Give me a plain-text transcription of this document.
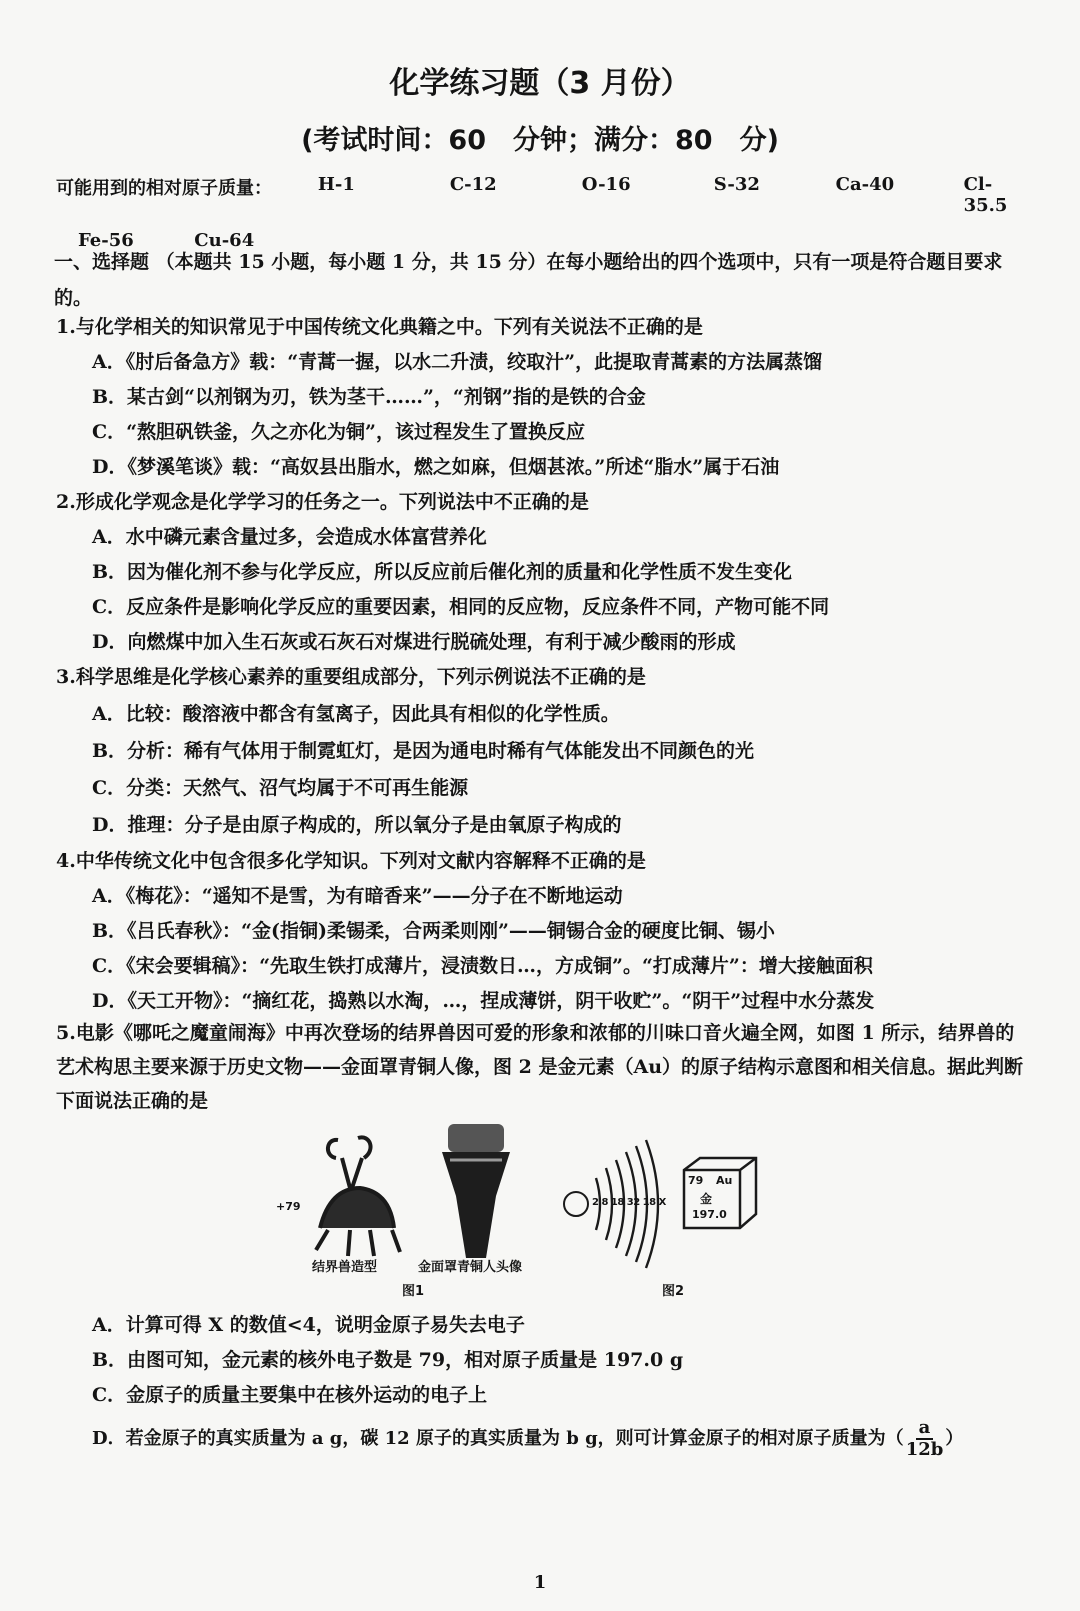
化学练习题（3 月份）
(考试时间：60　分钟；满分：80　分)
可能用到的相对原子质量：	H-1	C-12	O-16	S-32	Ca-40	Cl-35.5
Fe-56	Cu-64
一、选择题 （本题共 15 小题，每小题 1 分，共 15 分）在每小题给出的四个选项中，只有一项是符合题目要求的。
1.与化学相关的知识常见于中国传统文化典籍之中。下列有关说法不正确的是
A．《肘后备急方》载：“青蒿一握，以水二升渍，绞取汁”，此提取青蒿素的方法属蒸馏
B．某古剑“以剂钢为刃，铁为茎干……”，“剂钢”指的是铁的合金
C．“熬胆矾铁釜，久之亦化为铜”，该过程发生了置换反应
D．《梦溪笔谈》载：“高奴县出脂水，燃之如麻，但烟甚浓。”所述“脂水”属于石油
2.形成化学观念是化学学习的任务之一。下列说法中不正确的是
A．水中磷元素含量过多，会造成水体富营养化
B．因为催化剂不参与化学反应，所以反应前后催化剂的质量和化学性质不发生变化
C．反应条件是影响化学反应的重要因素，相同的反应物，反应条件不同，产物可能不同
D．向燃煤中加入生石灰或石灰石对煤进行脱硫处理，有利于减少酸雨的形成
3.科学思维是化学核心素养的重要组成部分，下列示例说法不正确的是
A．比较：酸溶液中都含有氢离子，因此具有相似的化学性质。
B．分析：稀有气体用于制霓虹灯，是因为通电时稀有气体能发出不同颜色的光
C．分类：天然气、沼气均属于不可再生能源
D．推理：分子是由原子构成的，所以氧分子是由氧原子构成的
4.中华传统文化中包含很多化学知识。下列对文献内容解释不正确的是
A．《梅花》：“遥知不是雪，为有暗香来”——分子在不断地运动
B．《吕氏春秋》：“金(指铜)柔锡柔，合两柔则刚”——铜锡合金的硬度比铜、锡小
C．《宋会要辑稿》：“先取生铁打成薄片，浸渍数日…，方成铜”。“打成薄片”：增大接触面积
D．《天工开物》：“摘红花，捣熟以水淘，…，捏成薄饼，阴干收贮”。“阴干”过程中水分蒸发
5.电影《哪吒之魔童闹海》中再次登场的结界兽因可爱的形象和浓郁的川味口音火遍全网，如图 1 所示，结界兽的艺术构思主要来源于历史文物——金面罩青铜人像，图 2 是金元素（Au）的原子结构示意图和相关信息。据此判断下面说法正确的是
+79	2 8 18 32 18 X
79 Au
金
197.0
结界兽造型	金面罩青铜人头像
图1	图2
A．计算可得 X 的数值<4，说明金原子易失去电子
B．由图可知，金元素的核外电子数是 79，相对原子质量是 197.0 g
C．金原子的质量主要集中在核外运动的电子上
D．若金原子的真实质量为 a g，碳 12 原子的真实质量为 b g，则可计算金原子的相对原子质量为（ $\frac{a}{12b}$ ）
1
